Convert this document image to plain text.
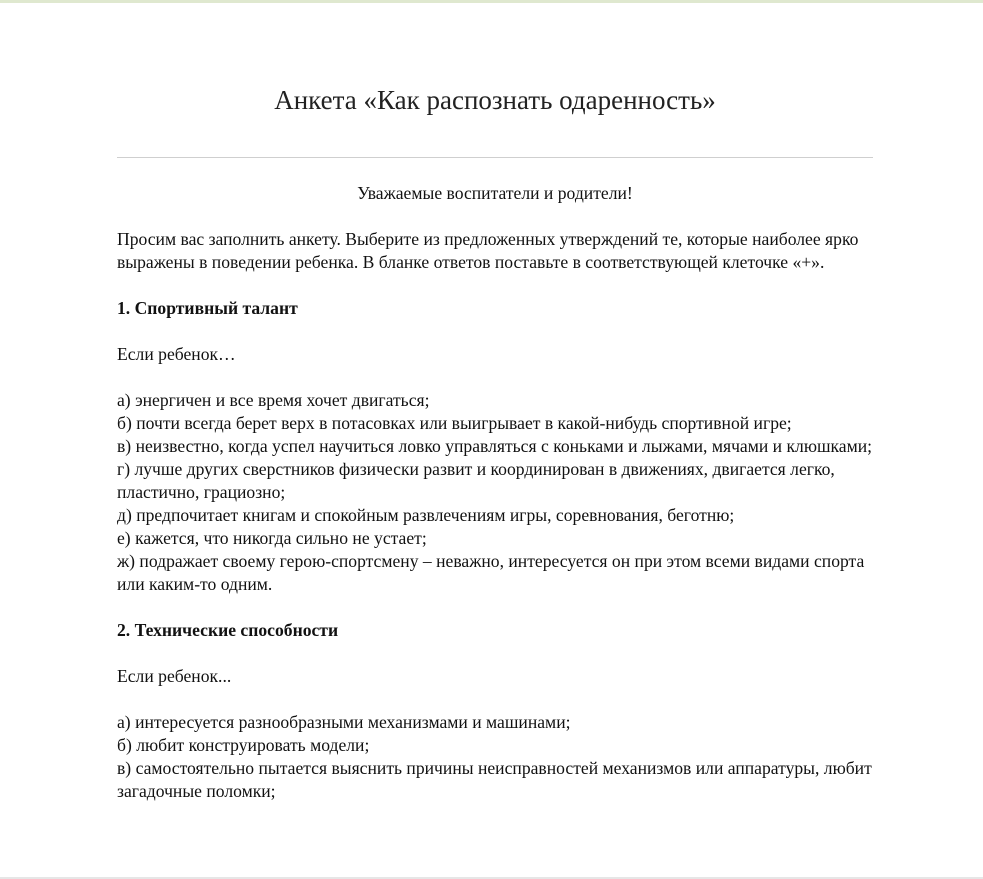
Анкета «Как распознать одаренность»

Уважаемые воспитатели и родители!

Просим вас заполнить анкету. Выберите из предложенных утверждений те, которые наиболее ярко выражены в поведении ребенка. В бланке ответов поставьте в соответствующей клеточке «+».

1. Спортивный талант

Если ребенок…

а) энергичен и все время хочет двигаться;

б) почти всегда берет верх в потасовках или выигрывает в какой-нибудь спортивной игре;

в) неизвестно, когда успел научиться ловко управляться с коньками и лыжами, мячами и клюшками;

г) лучше других сверстников физически развит и координирован в движениях, двигается легко, пластично, грациозно;

д) предпочитает книгам и спокойным развлечениям игры, соревнования, беготню;

е) кажется, что никогда сильно не устает;

ж) подражает своему герою-спортсмену – неважно, интересуется он при этом всеми видами спорта или каким-то одним.

2. Технические способности

Если ребенок...

а) интересуется разнообразными механизмами и машинами;

б) любит конструировать модели;

в) самостоятельно пытается выяснить причины неисправностей механизмов или аппаратуры, любит загадочные поломки;
